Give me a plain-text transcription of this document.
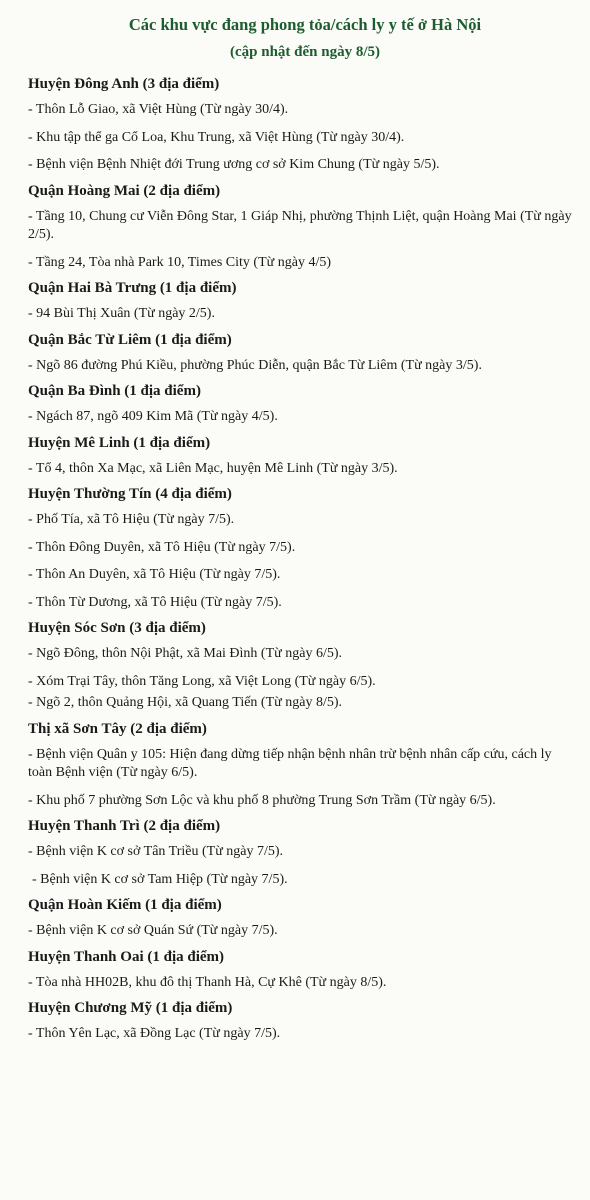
Các khu vực đang phong tỏa/cách ly y tế ở Hà Nội
(cập nhật đến ngày 8/5)
Huyện Đông Anh (3 địa điểm)
- Thôn Lỗ Giao, xã Việt Hùng (Từ ngày 30/4).
- Khu tập thể ga Cổ Loa, Khu Trung, xã Việt Hùng (Từ ngày 30/4).
- Bệnh viện Bệnh Nhiệt đới Trung ương cơ sở Kim Chung (Từ ngày 5/5).
Quận Hoàng Mai (2 địa điểm)
- Tầng 10, Chung cư Viễn Đông Star, 1 Giáp Nhị, phường Thịnh Liệt, quận Hoàng Mai (Từ ngày 2/5).
- Tầng 24, Tòa nhà Park 10, Times City (Từ ngày 4/5)
Quận Hai Bà Trưng (1 địa điểm)
- 94 Bùi Thị Xuân (Từ ngày 2/5).
Quận Bắc Từ Liêm (1 địa điểm)
- Ngõ 86 đường Phú Kiều, phường Phúc Diễn, quận Bắc Từ Liêm (Từ ngày 3/5).
Quận Ba Đình (1 địa điểm)
- Ngách 87, ngõ 409 Kim Mã (Từ ngày 4/5).
Huyện Mê Linh (1 địa điểm)
- Tổ 4, thôn Xa Mạc, xã Liên Mạc, huyện Mê Linh (Từ ngày 3/5).
Huyện Thường Tín (4 địa điểm)
- Phố Tía, xã Tô Hiệu (Từ ngày 7/5).
- Thôn Đông Duyên, xã Tô Hiệu (Từ ngày 7/5).
- Thôn An Duyên, xã Tô Hiệu (Từ ngày 7/5).
- Thôn Từ Dương, xã Tô Hiệu (Từ ngày 7/5).
Huyện Sóc Sơn (3 địa điểm)
- Ngõ Đông, thôn Nội Phật, xã Mai Đình (Từ ngày 6/5).
- Xóm Trại Tây, thôn Tăng Long, xã Việt Long (Từ ngày 6/5).
- Ngõ 2, thôn Quảng Hội, xã Quang Tiến (Từ ngày 8/5).
Thị xã Sơn Tây (2 địa điểm)
- Bệnh viện Quân y 105: Hiện đang dừng tiếp nhận bệnh nhân trừ bệnh nhân cấp cứu, cách ly toàn Bệnh viện (Từ ngày 6/5).
- Khu phố 7 phường Sơn Lộc và khu phố 8 phường Trung Sơn Trầm (Từ ngày 6/5).
Huyện Thanh Trì (2 địa điểm)
- Bệnh viện K cơ sở Tân Triều (Từ ngày 7/5).
- Bệnh viện K cơ sở Tam Hiệp (Từ ngày 7/5).
Quận Hoàn Kiếm (1 địa điểm)
- Bệnh viện K cơ sở Quán Sứ (Từ ngày 7/5).
Huyện Thanh Oai (1 địa điểm)
- Tòa nhà HH02B, khu đô thị Thanh Hà, Cự Khê (Từ ngày 8/5).
Huyện Chương Mỹ (1 địa điểm)
- Thôn Yên Lạc, xã Đồng Lạc (Từ ngày 7/5).
